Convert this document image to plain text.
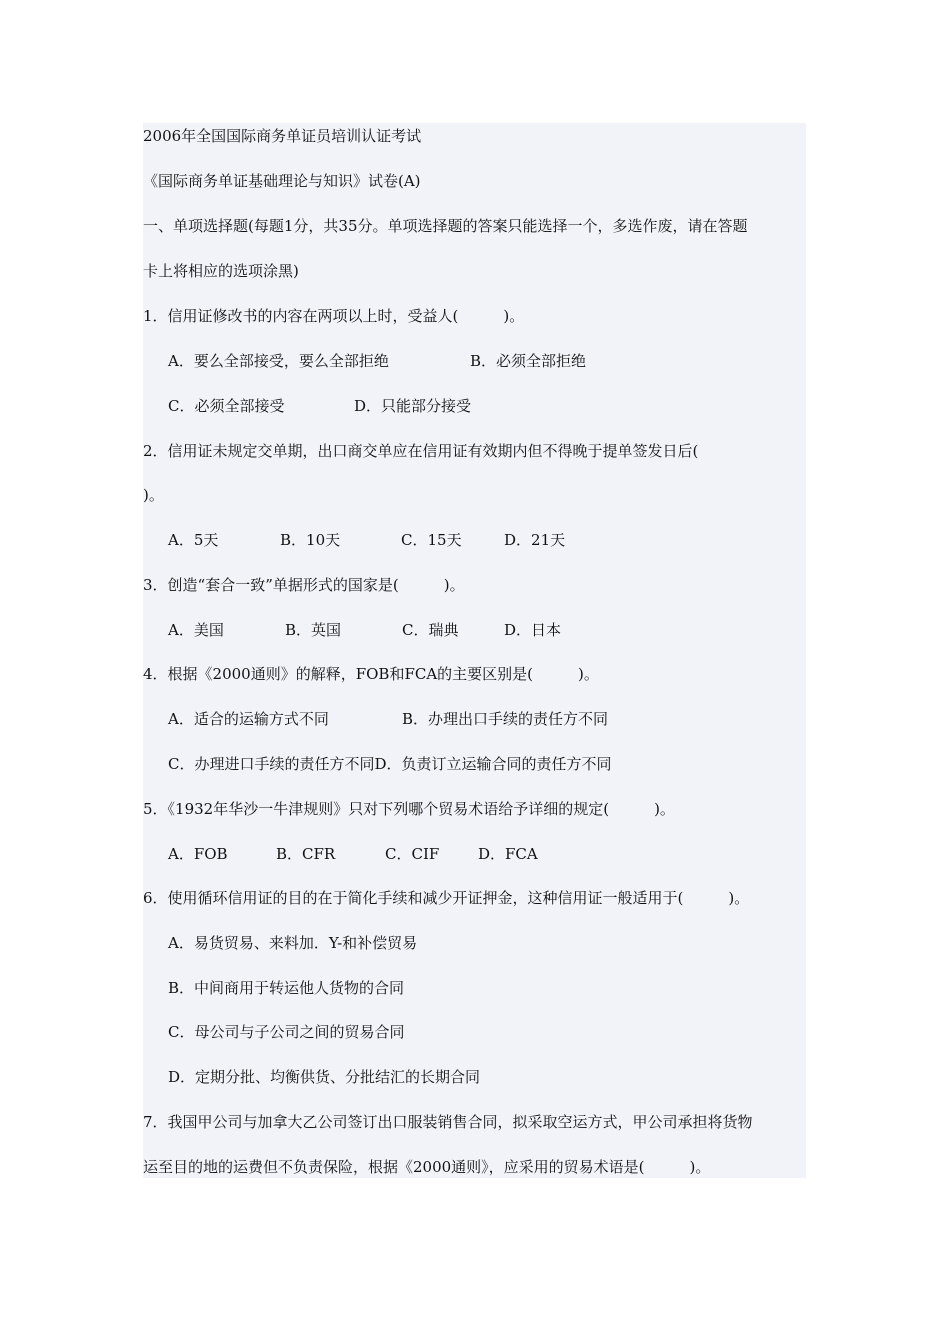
2006年全国国际商务单证员培训认证考试
《国际商务单证基础理论与知识》试卷(A)
一、单项选择题(每题1分，共35分。单项选择题的答案只能选择一个，多选作废，请在答题
卡上将相应的选项涂黑)
1．信用证修改书的内容在两项以上时，受益人(　　　)。
A．要么全部接受，要么全部拒绝	B．必须全部拒绝
C．必须全部接受	D．只能部分接受
2．信用证未规定交单期，出口商交单应在信用证有效期内但不得晚于提单签发日后(
)。
A．5天	B．10天	C．15天	D．21天
3．创造“套合一致”单据形式的国家是(　　　)。
A．美国	B．英国	C．瑞典	D．日本
4．根据《2000通则》的解释，FOB和FCA的主要区别是(　　　)。
A．适合的运输方式不同	B．办理出口手续的责任方不同
C．办理进口手续的责任方不同D．负责订立运输合同的责任方不同
5．《1932年华沙一牛津规则》只对下列哪个贸易术语给予详细的规定(　　　)。
A．FOB	B．CFR	C．CIF	D．FCA
6．使用循环信用证的目的在于简化手续和减少开证押金，这种信用证一般适用于(　　　)。
A．易货贸易、来料加．Y-和补偿贸易
B．中间商用于转运他人货物的合同
C．母公司与子公司之间的贸易合同
D．定期分批、均衡供货、分批结汇的长期合同
7．我国甲公司与加拿大乙公司签订出口服装销售合同，拟采取空运方式，甲公司承担将货物
运至目的地的运费但不负责保险，根据《2000通则》，应采用的贸易术语是(　　　)。
